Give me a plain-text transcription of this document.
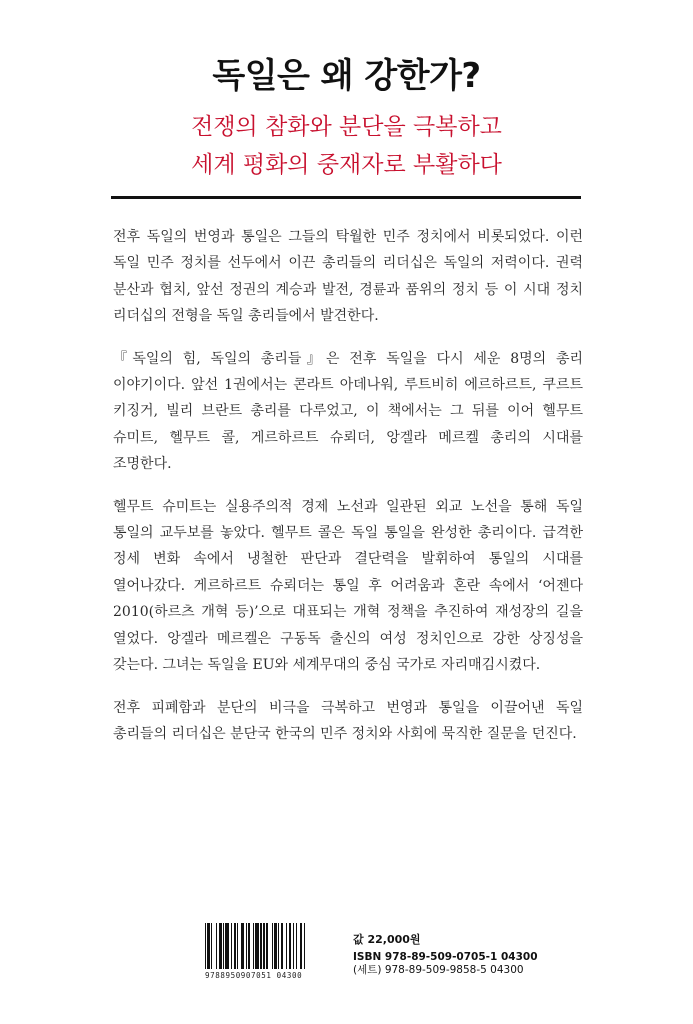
독일은 왜 강한가?
전쟁의 참화와 분단을 극복하고
세계 평화의 중재자로 부활하다

전후 독일의 번영과 통일은 그들의 탁월한 민주 정치에서 비롯되었다. 이런 독일 민주 정치를 선두에서 이끈 총리들의 리더십은 독일의 저력이다. 권력 분산과 협치, 앞선 정권의 계승과 발전, 경륜과 품위의 정치 등 이 시대 정치 리더십의 전형을 독일 총리들에서 발견한다.

『독일의 힘, 독일의 총리들』은 전후 독일을 다시 세운 8명의 총리 이야기이다. 앞선 1권에서는 콘라트 아데나워, 루트비히 에르하르트, 쿠르트 키징거, 빌리 브란트 총리를 다루었고, 이 책에서는 그 뒤를 이어 헬무트 슈미트, 헬무트 콜, 게르하르트 슈뢰더, 앙겔라 메르켈 총리의 시대를 조명한다.

헬무트 슈미트는 실용주의적 경제 노선과 일관된 외교 노선을 통해 독일 통일의 교두보를 놓았다. 헬무트 콜은 독일 통일을 완성한 총리이다. 급격한 정세 변화 속에서 냉철한 판단과 결단력을 발휘하여 통일의 시대를 열어나갔다. 게르하르트 슈뢰더는 통일 후 어려움과 혼란 속에서 ‘어젠다 2010(하르츠 개혁 등)’으로 대표되는 개혁 정책을 추진하여 재성장의 길을 열었다. 앙겔라 메르켈은 구동독 출신의 여성 정치인으로 강한 상징성을 갖는다. 그녀는 독일을 EU와 세계무대의 중심 국가로 자리매김시켰다.

전후 피폐함과 분단의 비극을 극복하고 번영과 통일을 이끌어낸 독일 총리들의 리더십은 분단국 한국의 민주 정치와 사회에 묵직한 질문을 던진다.

9788950907051 04300
값 22,000원
ISBN 978-89-509-0705-1 04300
(세트) 978-89-509-9858-5 04300
